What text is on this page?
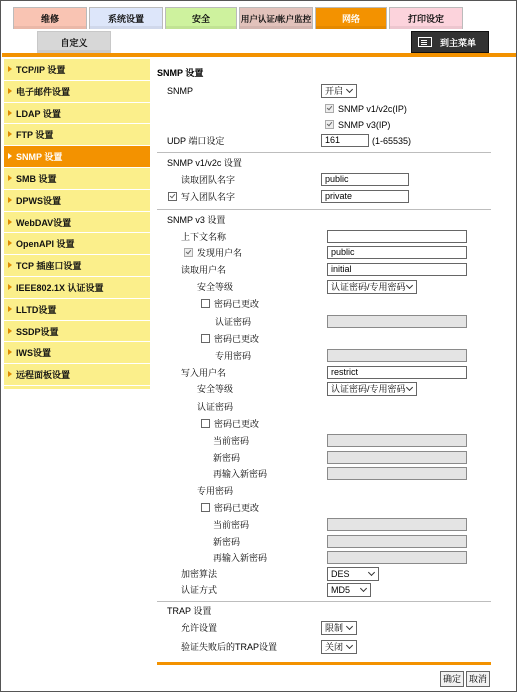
维修	系统设置	安全	用户认证/帐户监控	网络	打印设定
自定义	到主菜单
TCP/IP 设置
电子邮件设置
LDAP 设置
FTP 设置
SNMP 设置
SMB 设置
DPWS设置
WebDAV设置
OpenAPI 设置
TCP 插座口设置
IEEE802.1X 认证设置
LLTD设置
SSDP设置
IWS设置
远程面板设置
SNMP 设置
SNMP	开启
SNMP v1/v2c(IP)
SNMP v3(IP)
UDP 端口设定	161	(1-65535)
SNMP v1/v2c 设置
读取团队名字	public
写入团队名字	private
SNMP v3 设置
上下文名称
发现用户名	public
读取用户名	initial
安全等级	认证密码/专用密码
密码已更改
认证密码
密码已更改
专用密码
写入用户名	restrict
安全等级	认证密码/专用密码
认证密码
密码已更改
当前密码
新密码
再输入新密码
专用密码
密码已更改
当前密码
新密码
再输入新密码
加密算法	DES
认证方式	MD5
TRAP 设置
允许设置	限制
验证失败后的TRAP设置	关闭
确定 取消
